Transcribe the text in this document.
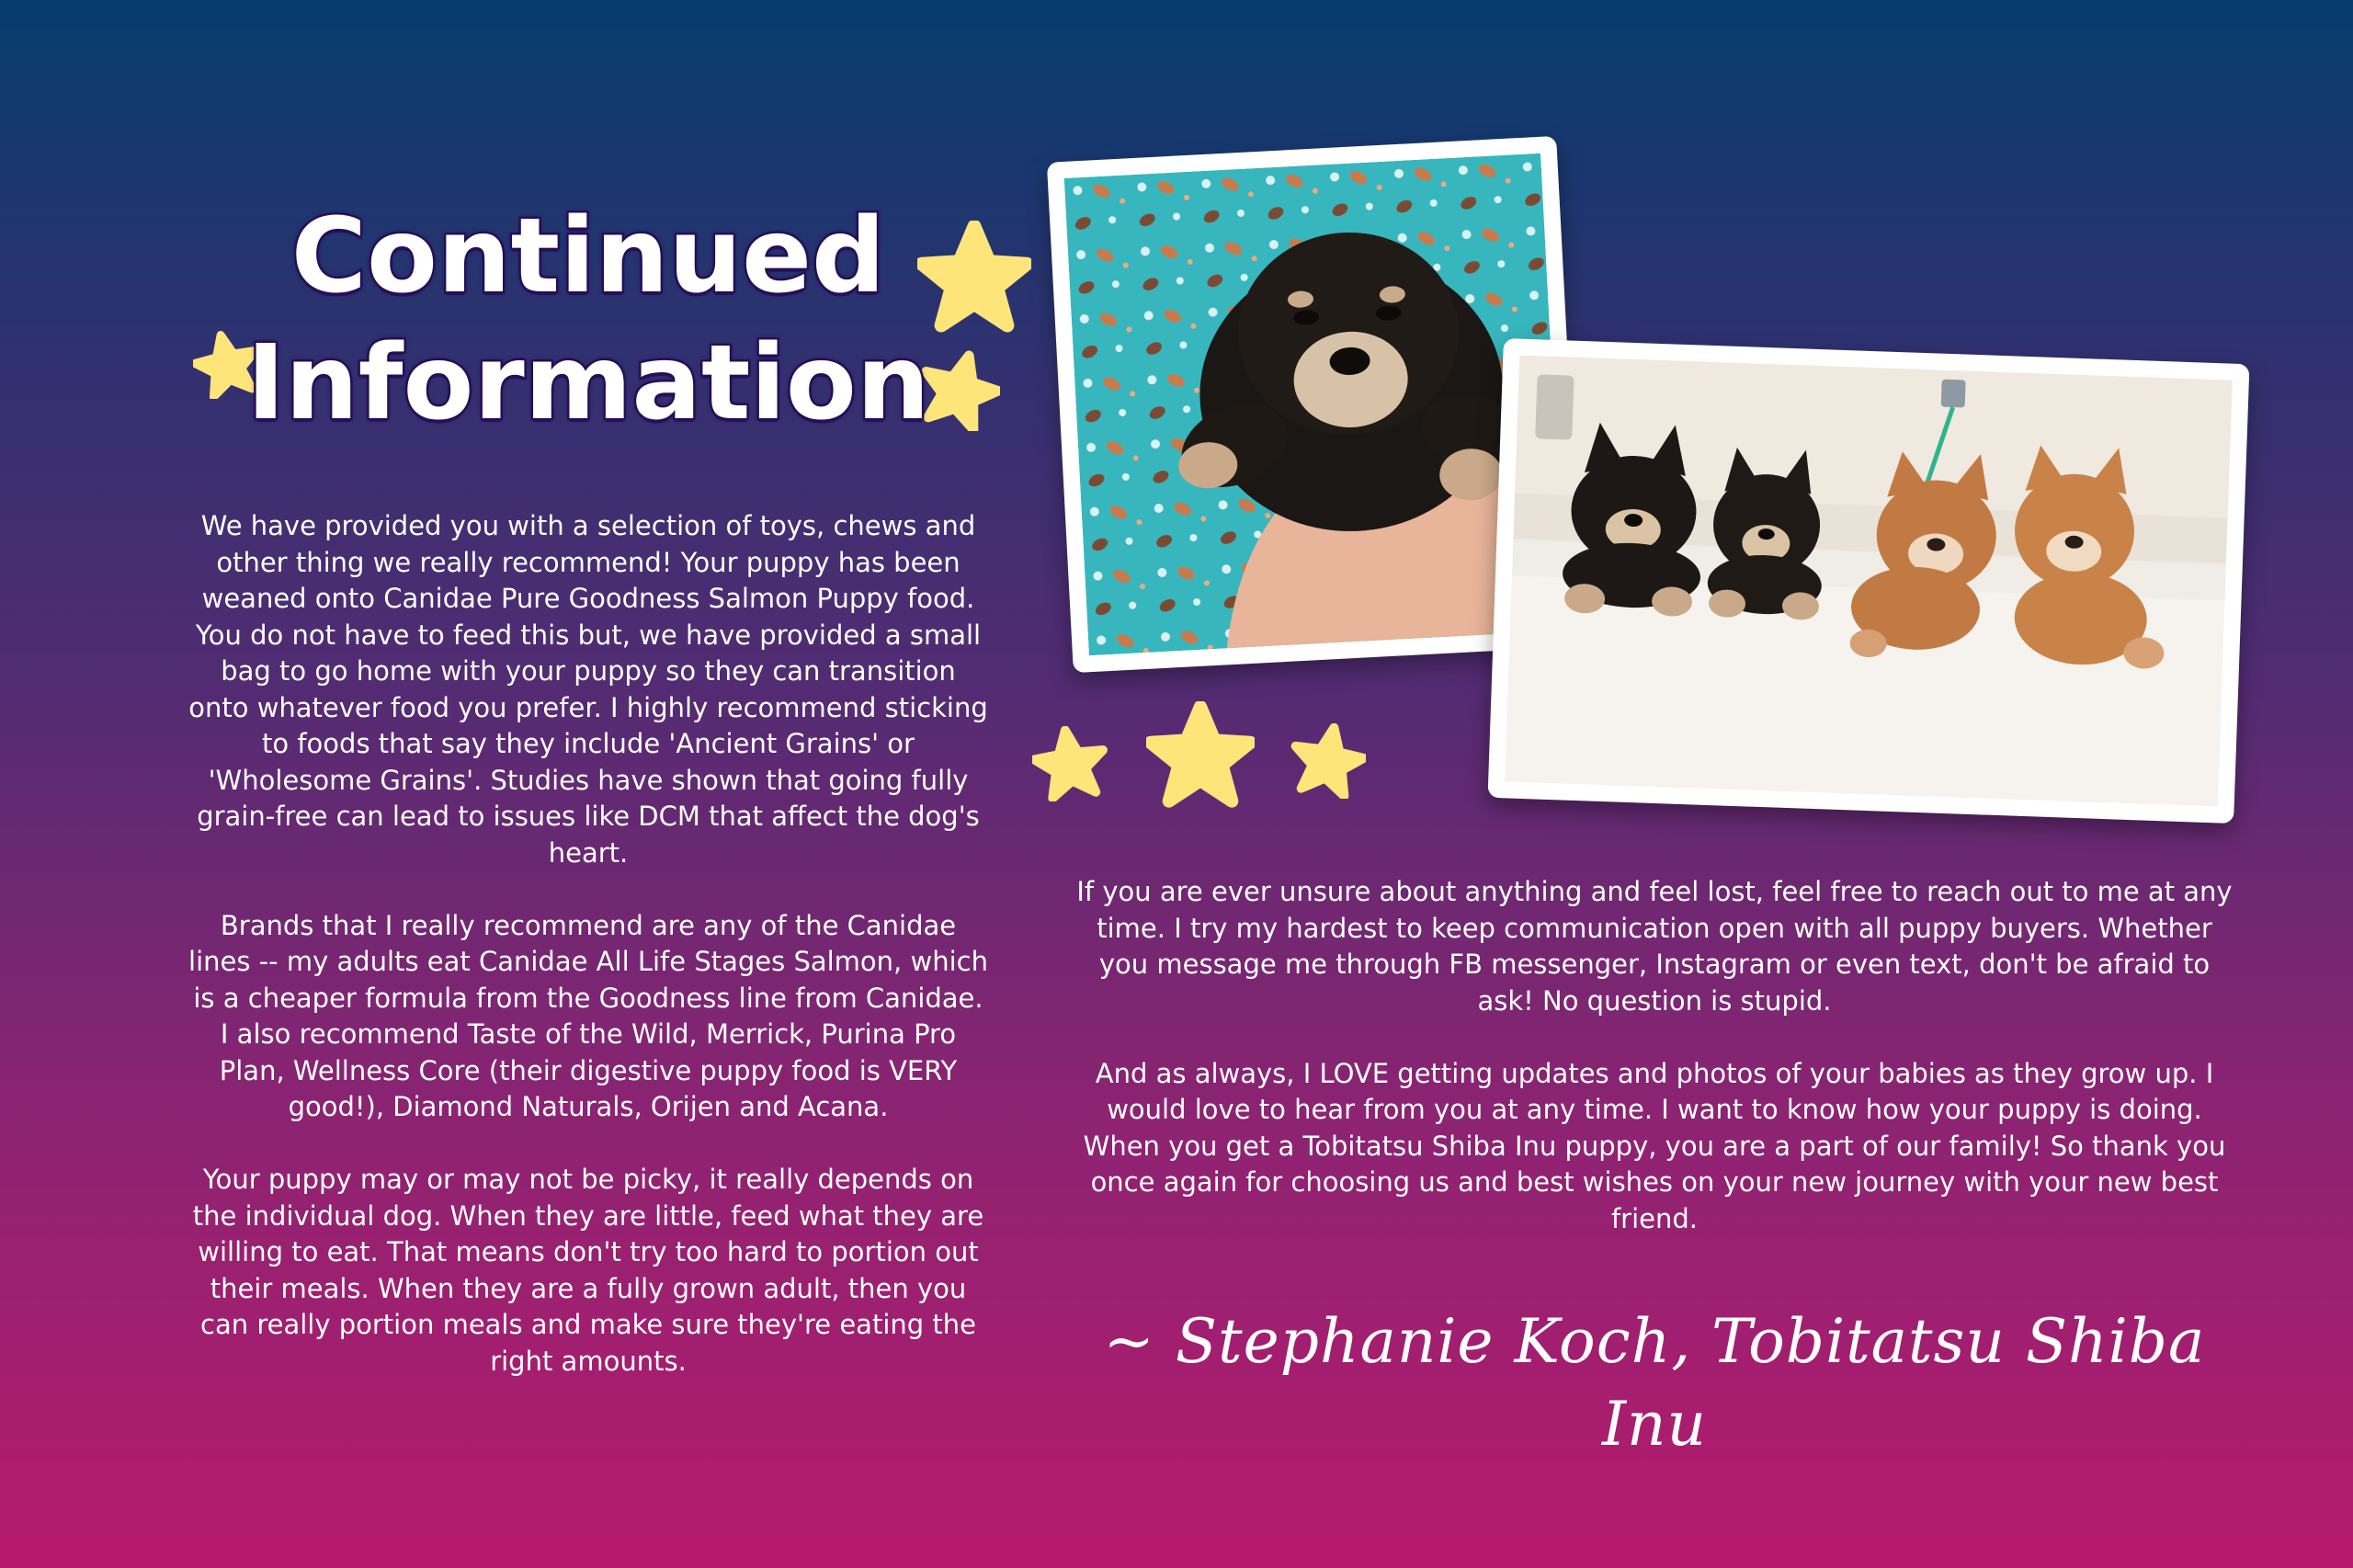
Continued
Information

We have provided you with a selection of toys, chews and other thing we really recommend! Your puppy has been weaned onto Canidae Pure Goodness Salmon Puppy food. You do not have to feed this but, we have provided a small bag to go home with your puppy so they can transition onto whatever food you prefer. I highly recommend sticking to foods that say they include 'Ancient Grains' or 'Wholesome Grains'. Studies have shown that going fully grain-free can lead to issues like DCM that affect the dog's heart.

Brands that I really recommend are any of the Canidae lines -- my adults eat Canidae All Life Stages Salmon, which is a cheaper formula from the Goodness line from Canidae. I also recommend Taste of the Wild, Merrick, Purina Pro Plan, Wellness Core (their digestive puppy food is VERY good!), Diamond Naturals, Orijen and Acana.

Your puppy may or may not be picky, it really depends on the individual dog. When they are little, feed what they are willing to eat. That means don't try too hard to portion out their meals. When they are a fully grown adult, then you can really portion meals and make sure they're eating the right amounts.

If you are ever unsure about anything and feel lost, feel free to reach out to me at any time. I try my hardest to keep communication open with all puppy buyers. Whether you message me through FB messenger, Instagram or even text, don't be afraid to ask! No question is stupid.

And as always, I LOVE getting updates and photos of your babies as they grow up. I would love to hear from you at any time. I want to know how your puppy is doing. When you get a Tobitatsu Shiba Inu puppy, you are a part of our family! So thank you once again for choosing us and best wishes on your new journey with your new best friend.

~ Stephanie Koch, Tobitatsu Shiba Inu
